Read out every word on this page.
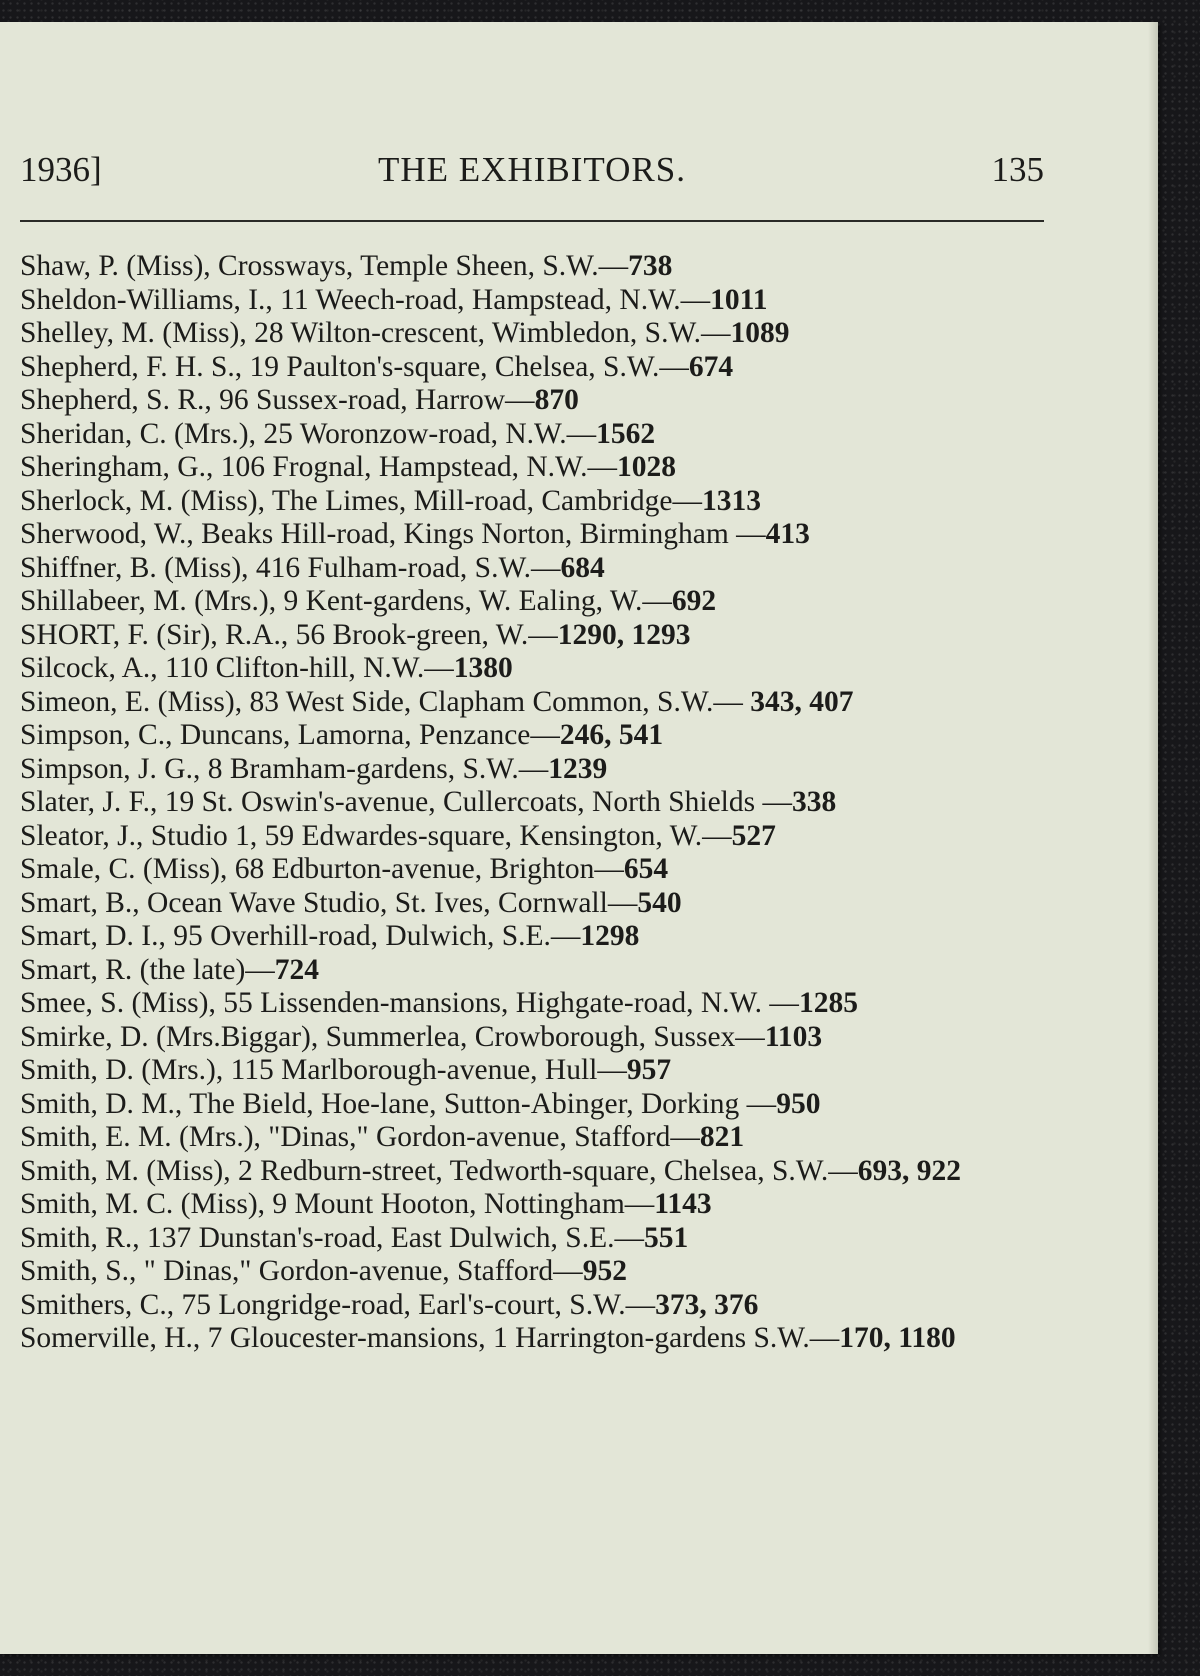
1936]	THE EXHIBITORS.	135
Shaw, P. (Miss), Crossways, Temple Sheen, S.W.—738
Sheldon-Williams, I., 11 Weech-road, Hampstead, N.W.—1011
Shelley, M. (Miss), 28 Wilton-crescent, Wimbledon, S.W.—1089
Shepherd, F. H. S., 19 Paulton's-square, Chelsea, S.W.—674
Shepherd, S. R., 96 Sussex-road, Harrow—870
Sheridan, C. (Mrs.), 25 Woronzow-road, N.W.—1562
Sheringham, G., 106 Frognal, Hampstead, N.W.—1028
Sherlock, M. (Miss), The Limes, Mill-road, Cambridge—1313
Sherwood, W., Beaks Hill-road, Kings Norton, Birmingham —413
Shiffner, B. (Miss), 416 Fulham-road, S.W.—684
Shillabeer, M. (Mrs.), 9 Kent-gardens, W. Ealing, W.—692
SHORT, F. (Sir), R.A., 56 Brook-green, W.—1290, 1293
Silcock, A., 110 Clifton-hill, N.W.—1380
Simeon, E. (Miss), 83 West Side, Clapham Common, S.W.— 343, 407
Simpson, C., Duncans, Lamorna, Penzance—246, 541
Simpson, J. G., 8 Bramham-gardens, S.W.—1239
Slater, J. F., 19 St. Oswin's-avenue, Cullercoats, North Shields —338
Sleator, J., Studio 1, 59 Edwardes-square, Kensington, W.—527
Smale, C. (Miss), 68 Edburton-avenue, Brighton—654
Smart, B., Ocean Wave Studio, St. Ives, Cornwall—540
Smart, D. I., 95 Overhill-road, Dulwich, S.E.—1298
Smart, R. (the late)—724
Smee, S. (Miss), 55 Lissenden-mansions, Highgate-road, N.W. —1285
Smirke, D. (Mrs.Biggar), Summerlea, Crowborough, Sussex—1103
Smith, D. (Mrs.), 115 Marlborough-avenue, Hull—957
Smith, D. M., The Bield, Hoe-lane, Sutton-Abinger, Dorking —950
Smith, E. M. (Mrs.), "Dinas," Gordon-avenue, Stafford—821
Smith, M. (Miss), 2 Redburn-street, Tedworth-square, Chelsea, S.W.—693, 922
Smith, M. C. (Miss), 9 Mount Hooton, Nottingham—1143
Smith, R., 137 Dunstan's-road, East Dulwich, S.E.—551
Smith, S., " Dinas," Gordon-avenue, Stafford—952
Smithers, C., 75 Longridge-road, Earl's-court, S.W.—373, 376
Somerville, H., 7 Gloucester-mansions, 1 Harrington-gardens S.W.—170, 1180
